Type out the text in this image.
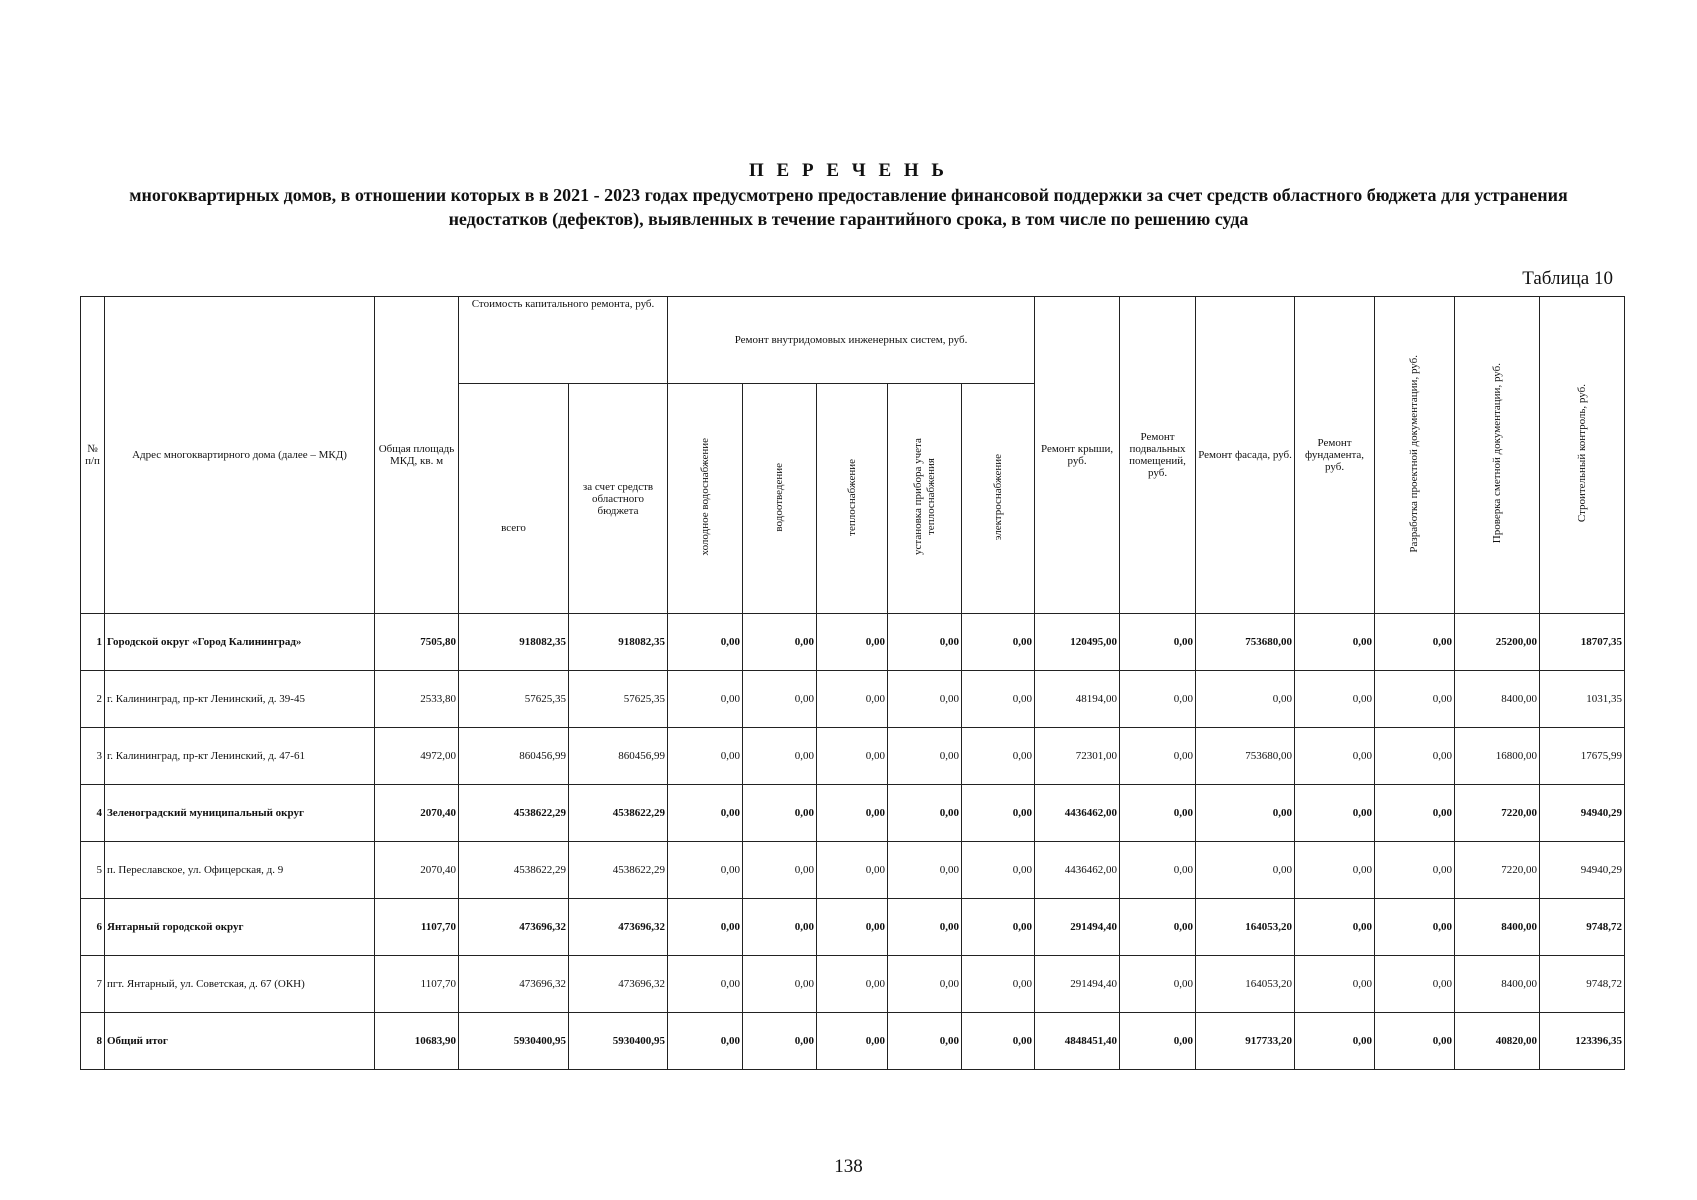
П Е Р Е Ч Е Н Ь
многоквартирных домов, в отношении которых в в 2021 - 2023 годах предусмотрено предоставление финансовой поддержки за счет средств областного бюджета для устранения недостатков (дефектов), выявленных в течение гарантийного срока, в том числе по решению суда
Таблица 10
№ п/п	Адрес многоквартирного дома (далее – МКД)	Общая площадь МКД, кв. м	Стоимость капитального ремонта, руб.		Ремонт внутридомовых инженерных систем, руб.					Ремонт крыши, руб.	Ремонт подвальных помещений, руб.	Ремонт фасада, руб.	Ремонт фундамента, руб.	Разработка проектной документации, руб.	Проверка сметной документации, руб.	Строительный контроль, руб.
			всего	за счет средств областного бюджета	холодное водоснабжение	водоотведение	теплоснабжение	установка прибора учета теплоснабжения	электроснабжение							
1	Городской округ «Город Калининград»	7505,80	918082,35	918082,35	0,00	0,00	0,00	0,00	0,00	120495,00	0,00	753680,00	0,00	0,00	25200,00	18707,35
2	г. Калининград, пр-кт Ленинский, д. 39-45	2533,80	57625,35	57625,35	0,00	0,00	0,00	0,00	0,00	48194,00	0,00	0,00	0,00	0,00	8400,00	1031,35
3	г. Калининград, пр-кт Ленинский, д. 47-61	4972,00	860456,99	860456,99	0,00	0,00	0,00	0,00	0,00	72301,00	0,00	753680,00	0,00	0,00	16800,00	17675,99
4	Зеленоградский муниципальный округ	2070,40	4538622,29	4538622,29	0,00	0,00	0,00	0,00	0,00	4436462,00	0,00	0,00	0,00	0,00	7220,00	94940,29
5	п. Переславское, ул. Офицерская, д. 9	2070,40	4538622,29	4538622,29	0,00	0,00	0,00	0,00	0,00	4436462,00	0,00	0,00	0,00	0,00	7220,00	94940,29
6	Янтарный городской округ	1107,70	473696,32	473696,32	0,00	0,00	0,00	0,00	0,00	291494,40	0,00	164053,20	0,00	0,00	8400,00	9748,72
7	пгт. Янтарный, ул. Советская, д. 67 (ОКН)	1107,70	473696,32	473696,32	0,00	0,00	0,00	0,00	0,00	291494,40	0,00	164053,20	0,00	0,00	8400,00	9748,72
8	Общий итог	10683,90	5930400,95	5930400,95	0,00	0,00	0,00	0,00	0,00	4848451,40	0,00	917733,20	0,00	0,00	40820,00	123396,35
138
